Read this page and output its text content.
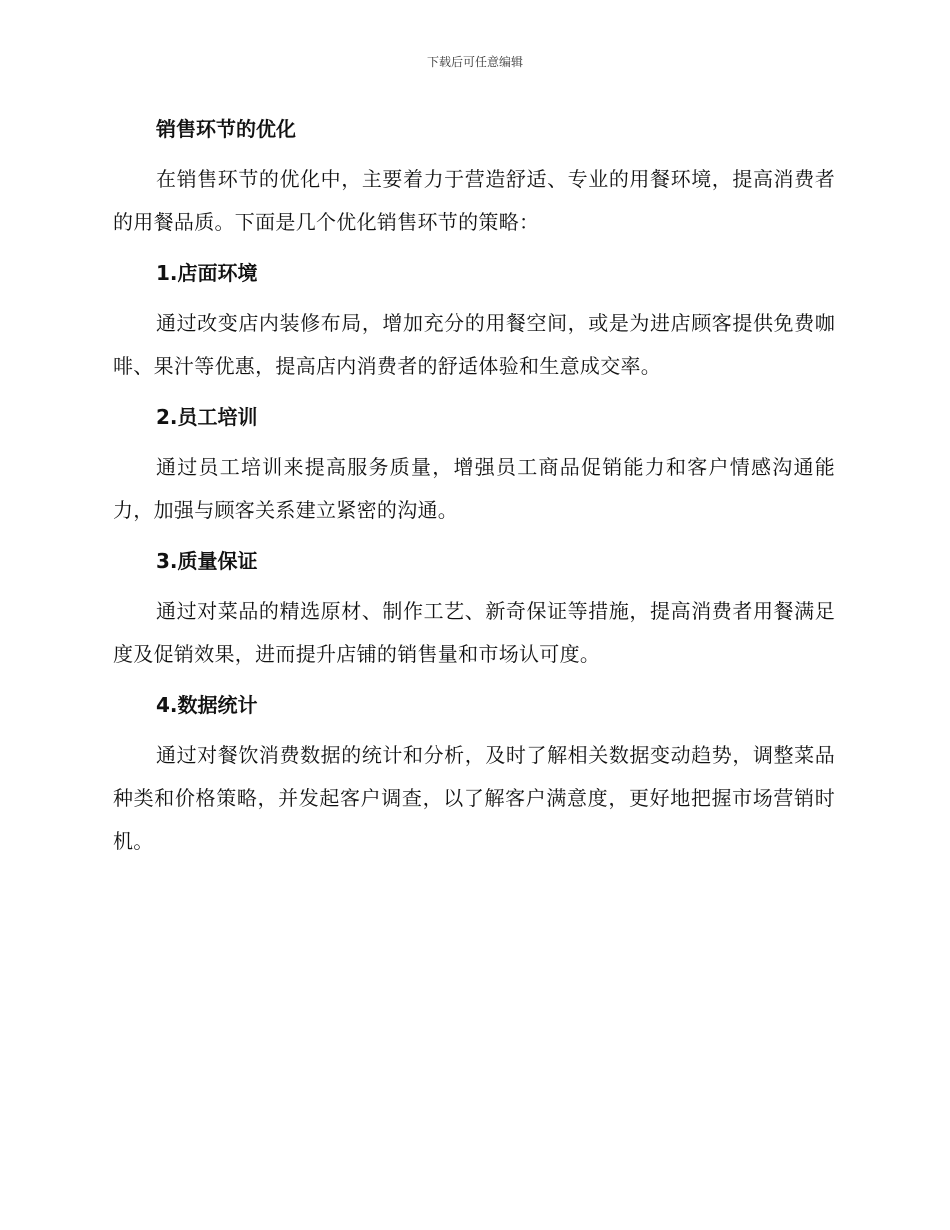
下载后可任意编辑
销售环节的优化

在销售环节的优化中，主要着力于营造舒适、专业的用餐环境，提高消费者的用餐品质。下面是几个优化销售环节的策略：

1.店面环境

通过改变店内装修布局，增加充分的用餐空间，或是为进店顾客提供免费咖啡、果汁等优惠，提高店内消费者的舒适体验和生意成交率。

2.员工培训

通过员工培训来提高服务质量，增强员工商品促销能力和客户情感沟通能力，加强与顾客关系建立紧密的沟通。

3.质量保证

通过对菜品的精选原材、制作工艺、新奇保证等措施，提高消费者用餐满足度及促销效果，进而提升店铺的销售量和市场认可度。

4.数据统计

通过对餐饮消费数据的统计和分析，及时了解相关数据变动趋势，调整菜品种类和价格策略，并发起客户调查，以了解客户满意度，更好地把握市场营销时机。
